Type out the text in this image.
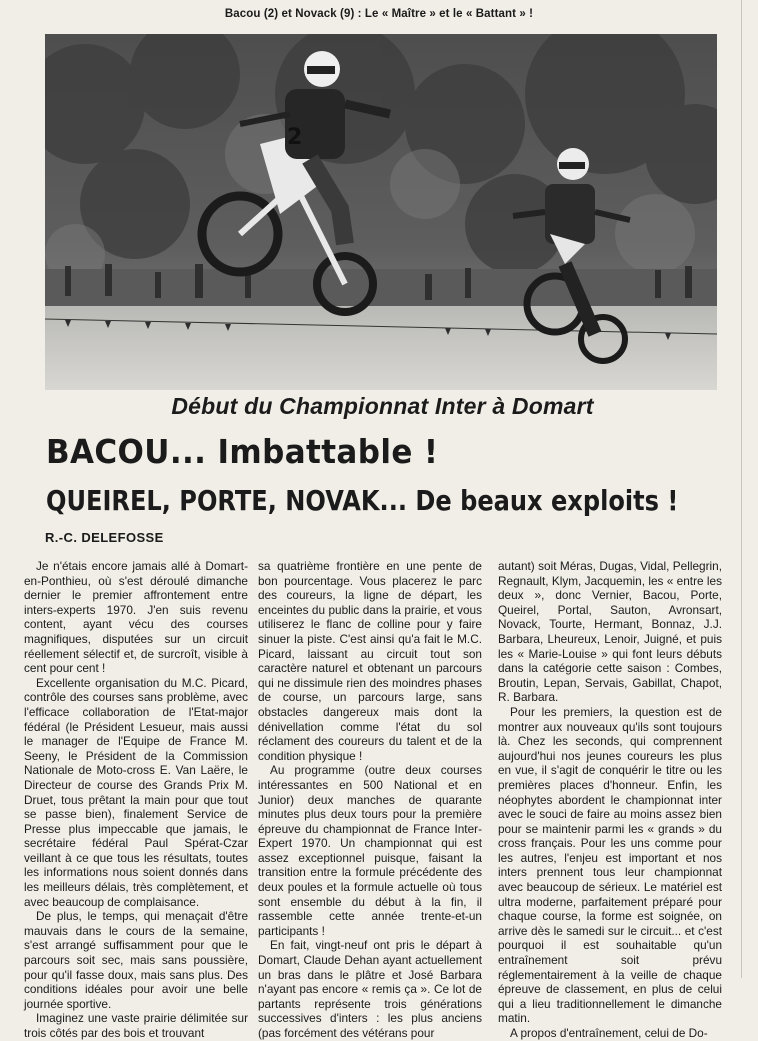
Bacou (2) et Novack (9) : Le « Maître » et le « Battant » !
2
Début du Championnat Inter à Domart
BACOU... Imbattable !
QUEIREL, PORTE, NOVAK... De beaux exploits !
R.-C. DELEFOSSE

Je n'étais encore jamais allé à Domart-en-Ponthieu, où s'est déroulé dimanche dernier le premier affrontement entre inters-experts 1970. J'en suis revenu content, ayant vécu des courses magnifiques, disputées sur un circuit réellement sélectif et, de surcroît, visible à cent pour cent !

Excellente organisation du M.C. Picard, contrôle des courses sans problème, avec l'efficace collaboration de l'Etat-major fédéral (le Président Lesueur, mais aussi le manager de l'Equipe de France M. Seeny, le Président de la Commission Nationale de Moto-cross E. Van Laëre, le Directeur de course des Grands Prix M. Druet, tous prêtant la main pour que tout se passe bien), finalement Service de Presse plus impeccable que jamais, le secrétaire fédéral Paul Spérat-Czar veillant à ce que tous les résultats, toutes les informations nous soient donnés dans les meilleurs délais, très complètement, et avec beaucoup de complaisance.

De plus, le temps, qui menaçait d'être mauvais dans le cours de la semaine, s'est arrangé suffisamment pour que le parcours soit sec, mais sans poussière, pour qu'il fasse doux, mais sans plus. Des conditions idéales pour avoir une belle journée sportive.

Imaginez une vaste prairie délimitée sur trois côtés par des bois et trouvant

sa quatrième frontière en une pente de bon pourcentage. Vous placerez le parc des coureurs, la ligne de départ, les enceintes du public dans la prairie, et vous utiliserez le flanc de colline pour y faire sinuer la piste. C'est ainsi qu'a fait le M.C. Picard, laissant au circuit tout son caractère naturel et obtenant un parcours qui ne dissimule rien des moindres phases de course, un parcours large, sans obstacles dangereux mais dont la dénivellation comme l'état du sol réclament des coureurs du talent et de la condition physique !

Au programme (outre deux courses intéressantes en 500 National et en Junior) deux manches de quarante minutes plus deux tours pour la première épreuve du championnat de France Inter-Expert 1970. Un championnat qui est assez exceptionnel puisque, faisant la transition entre la formule précédente des deux poules et la formule actuelle où tous sont ensemble du début à la fin, il rassemble cette année trente-et-un participants !

En fait, vingt-neuf ont pris le départ à Domart, Claude Dehan ayant actuellement un bras dans le plâtre et José Barbara n'ayant pas encore « remis ça ». Ce lot de partants représente trois générations successives d'inters : les plus anciens (pas forcément des vétérans pour

autant) soit Méras, Dugas, Vidal, Pellegrin, Regnault, Klym, Jacquemin, les « entre les deux », donc Vernier, Bacou, Porte, Queirel, Portal, Sauton, Avronsart, Novack, Tourte, Hermant, Bonnaz, J.J. Barbara, Lheureux, Lenoir, Juigné, et puis les « Marie-Louise » qui font leurs débuts dans la catégorie cette saison : Combes, Broutin, Lepan, Servais, Gabillat, Chapot, R. Barbara.

Pour les premiers, la question est de montrer aux nouveaux qu'ils sont toujours là. Chez les seconds, qui comprennent aujourd'hui nos jeunes coureurs les plus en vue, il s'agit de conquérir le titre ou les premières places d'honneur. Enfin, les néophytes abordent le championnat inter avec le souci de faire au moins assez bien pour se maintenir parmi les « grands » du cross français. Pour les uns comme pour les autres, l'enjeu est important et nos inters prennent tous leur championnat avec beaucoup de sérieux. Le matériel est ultra moderne, parfaitement préparé pour chaque course, la forme est soignée, on arrive dès le samedi sur le circuit... et c'est pourquoi il est souhaitable qu'un entraînement soit prévu réglementairement à la veille de chaque épreuve de classement, en plus de celui qui a lieu traditionnellement le dimanche matin.

A propos d'entraînement, celui de Do-
